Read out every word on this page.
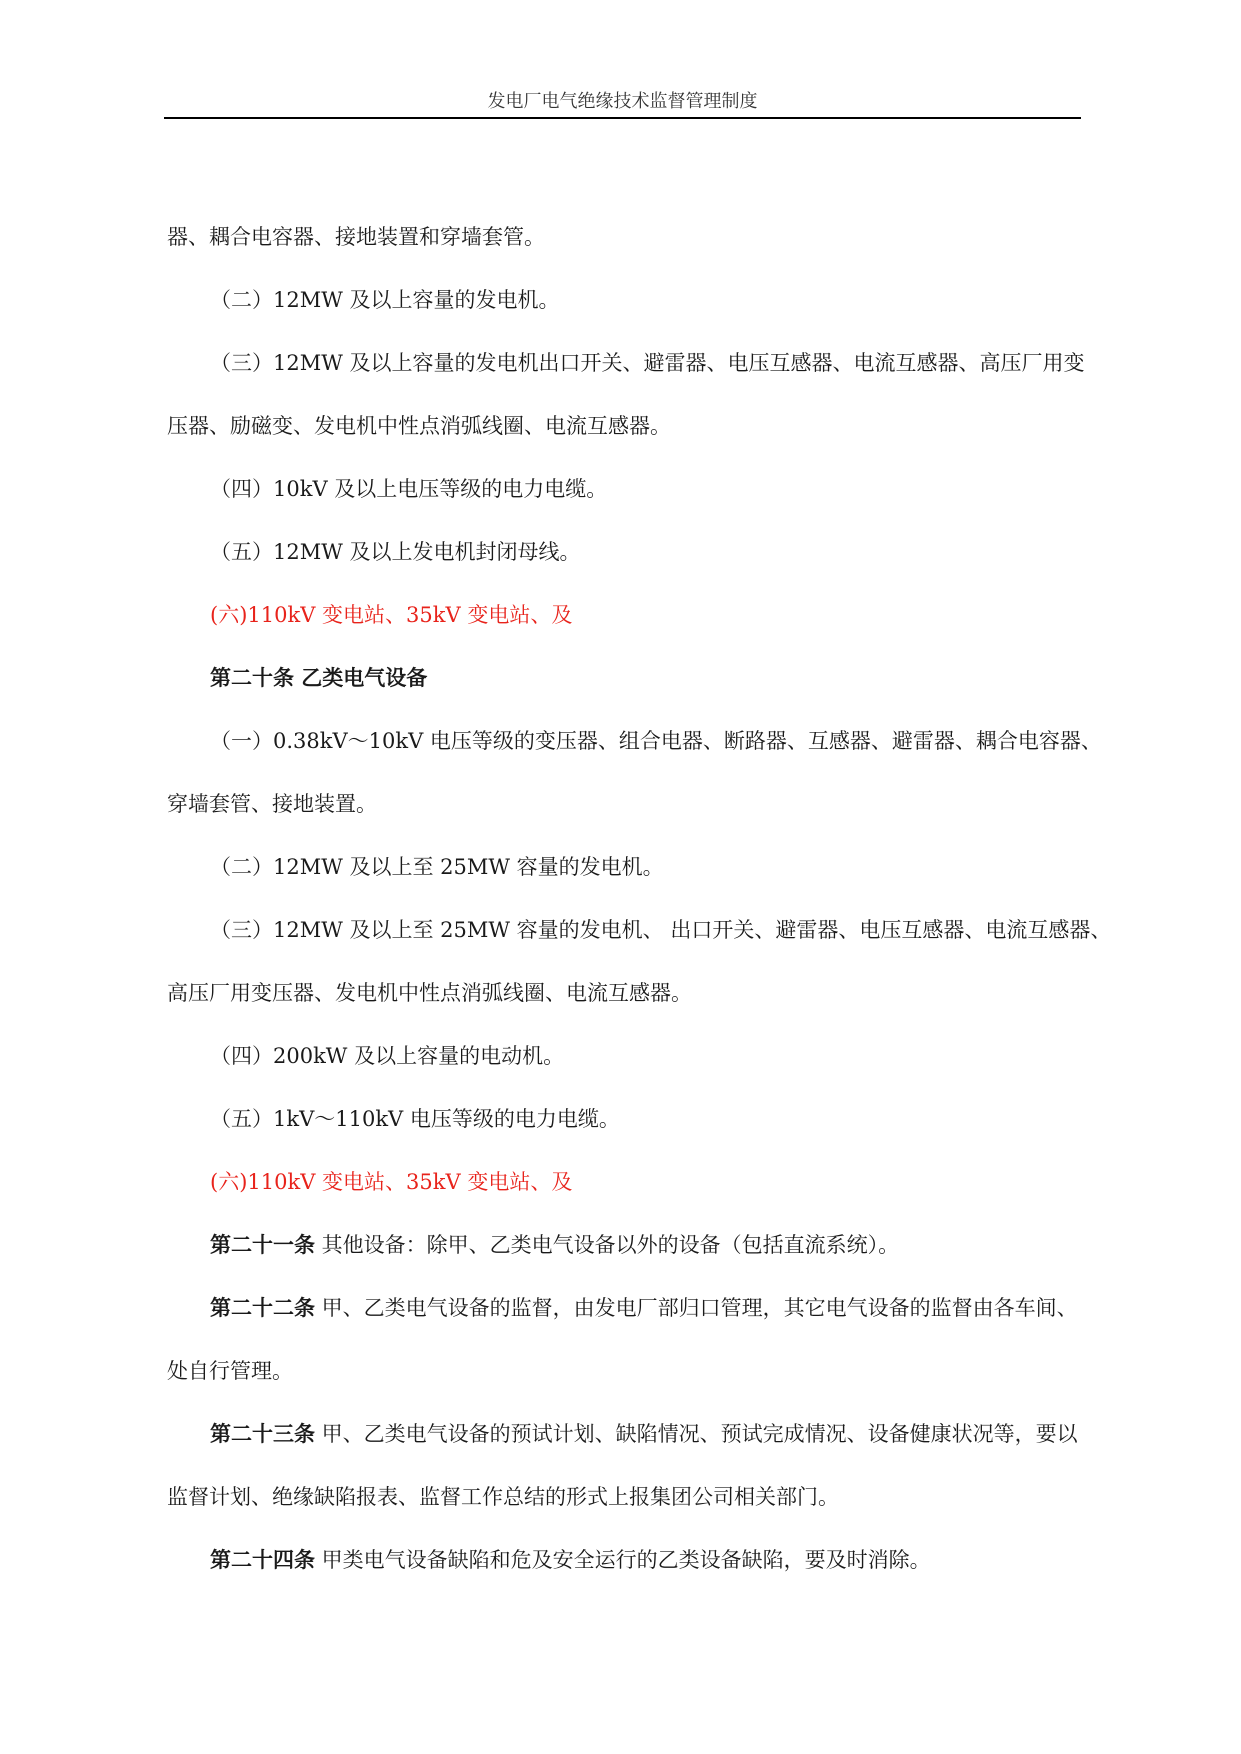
发电厂电气绝缘技术监督管理制度
器、耦合电容器、接地装置和穿墙套管。
（二）12MW 及以上容量的发电机。
（三）12MW 及以上容量的发电机出口开关、避雷器、电压互感器、电流互感器、高压厂用变
压器、励磁变、发电机中性点消弧线圈、电流互感器。
（四）10kV 及以上电压等级的电力电缆。
（五）12MW 及以上发电机封闭母线。
(六)110kV 变电站、35kV 变电站、及
第二十条 乙类电气设备
（一）0.38kV～10kV 电压等级的变压器、组合电器、断路器、互感器、避雷器、耦合电容器、
穿墙套管、接地装置。
（二）12MW 及以上至 25MW 容量的发电机。
（三）12MW 及以上至 25MW 容量的发电机、 出口开关、避雷器、电压互感器、电流互感器、
高压厂用变压器、发电机中性点消弧线圈、电流互感器。
（四）200kW 及以上容量的电动机。
（五）1kV～110kV 电压等级的电力电缆。
(六)110kV 变电站、35kV 变电站、及
第二十一条 其他设备：除甲、乙类电气设备以外的设备（包括直流系统）。
第二十二条 甲、乙类电气设备的监督，由发电厂部归口管理，其它电气设备的监督由各车间、
处自行管理。
第二十三条 甲、乙类电气设备的预试计划、缺陷情况、预试完成情况、设备健康状况等，要以
监督计划、绝缘缺陷报表、监督工作总结的形式上报集团公司相关部门。
第二十四条 甲类电气设备缺陷和危及安全运行的乙类设备缺陷，要及时消除。
